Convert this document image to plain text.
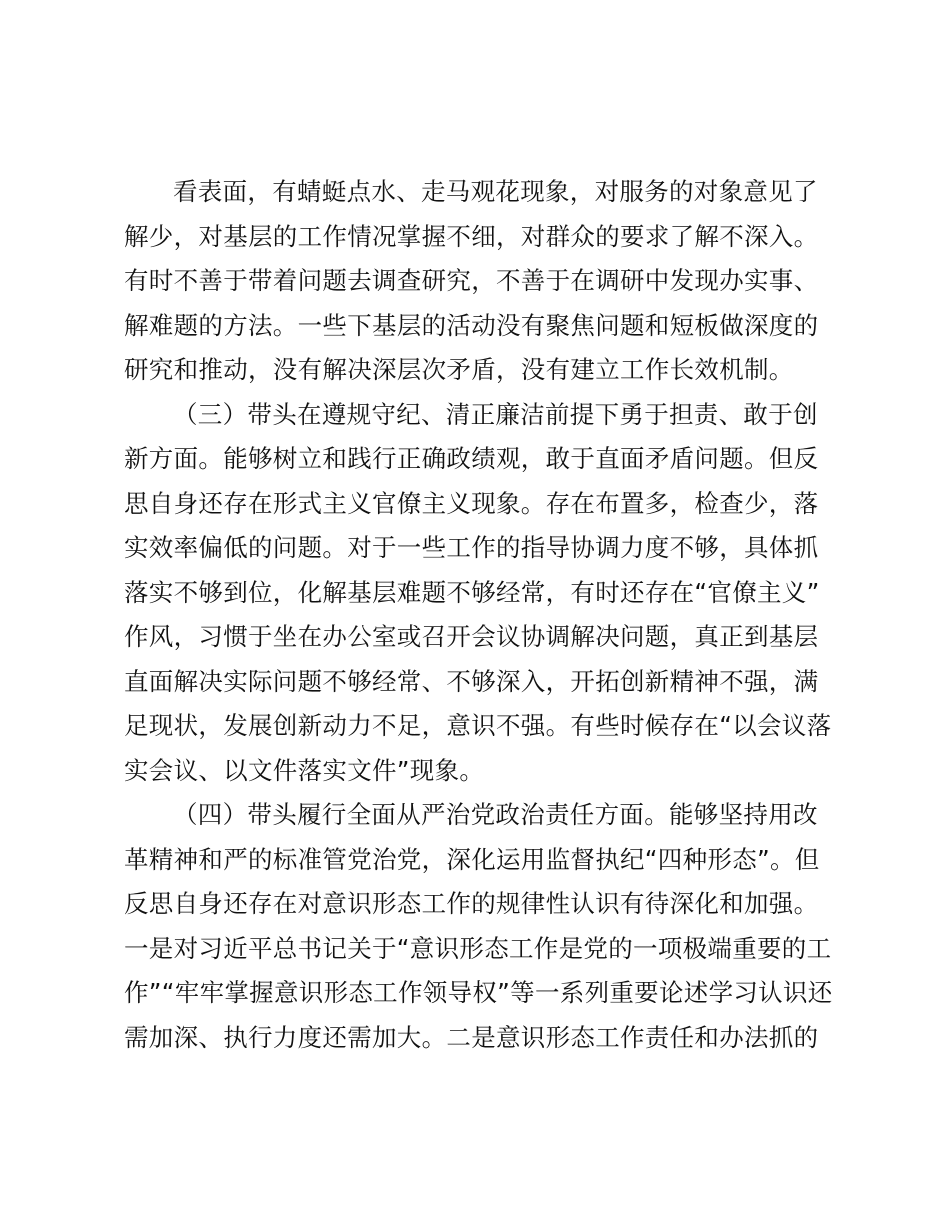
看表面，有蜻蜓点水、走马观花现象，对服务的对象意见了
解少，对基层的工作情况掌握不细，对群众的要求了解不深入。
有时不善于带着问题去调查研究，不善于在调研中发现办实事、
解难题的方法。一些下基层的活动没有聚焦问题和短板做深度的
研究和推动，没有解决深层次矛盾，没有建立工作长效机制。
（三）带头在遵规守纪、清正廉洁前提下勇于担责、敢于创
新方面。能够树立和践行正确政绩观，敢于直面矛盾问题。但反
思自身还存在形式主义官僚主义现象。存在布置多，检查少，落
实效率偏低的问题。对于一些工作的指导协调力度不够，具体抓
落实不够到位，化解基层难题不够经常，有时还存在“官僚主义”
作风，习惯于坐在办公室或召开会议协调解决问题，真正到基层
直面解决实际问题不够经常、不够深入，开拓创新精神不强，满
足现状，发展创新动力不足，意识不强。有些时候存在“以会议落
实会议、以文件落实文件”现象。
（四）带头履行全面从严治党政治责任方面。能够坚持用改
革精神和严的标准管党治党，深化运用监督执纪“四种形态”。但
反思自身还存在对意识形态工作的规律性认识有待深化和加强。
一是对习近平总书记关于“意识形态工作是党的一项极端重要的工
作”“牢牢掌握意识形态工作领导权”等一系列重要论述学习认识还
需加深、执行力度还需加大。二是意识形态工作责任和办法抓的
